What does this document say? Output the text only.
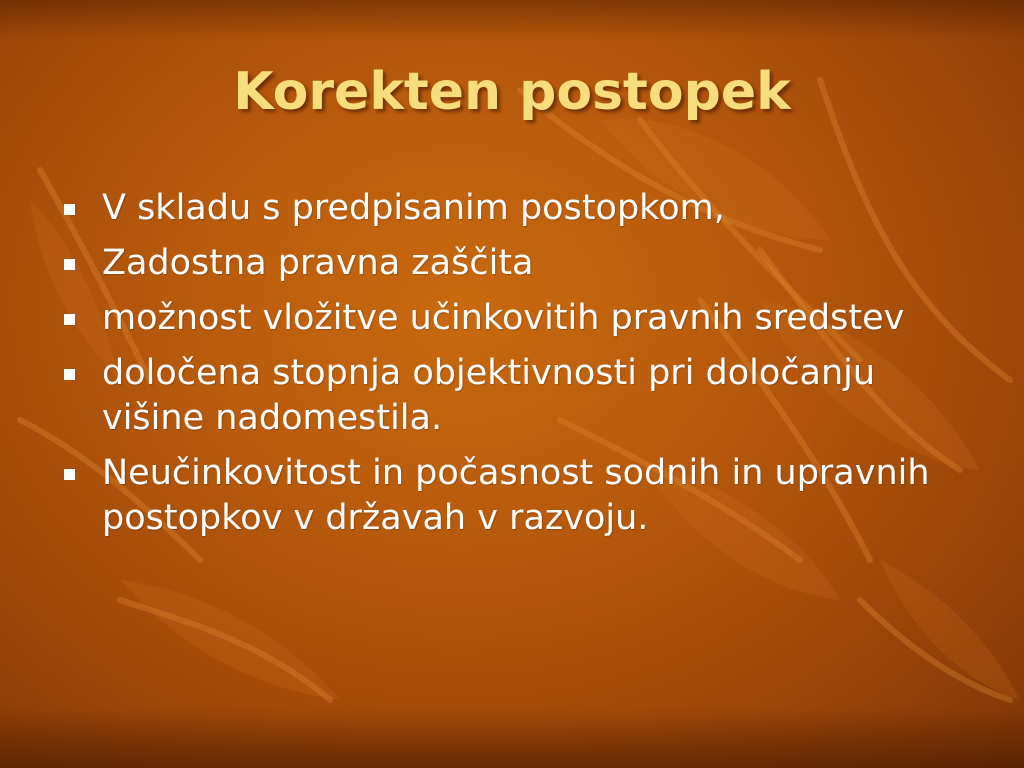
Korekten postopek
V skladu s predpisanim postopkom,
Zadostna pravna zaščita
možnost vložitve učinkovitih pravnih sredstev
določena stopnja objektivnosti pri določanju višine nadomestila.
Neučinkovitost in počasnost sodnih in upravnih postopkov v državah v razvoju.
